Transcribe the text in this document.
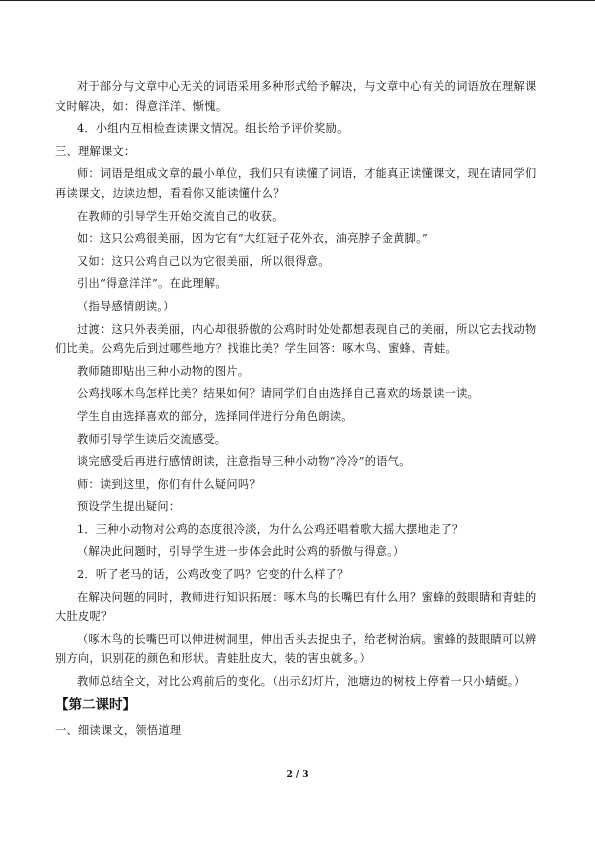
对于部分与文章中心无关的词语采用多种形式给予解决，与文章中心有关的词语放在理解课文时解决，如：得意洋洋、惭愧。
4．小组内互相检查读课文情况。组长给予评价奖励。
三、理解课文：
师：词语是组成文章的最小单位，我们只有读懂了词语，才能真正读懂课文，现在请同学们再读课文，边读边想，看看你又能读懂什么？
在教师的引导学生开始交流自己的收获。
如：这只公鸡很美丽，因为它有“大红冠子花外衣，油亮脖子金黄脚。”
又如：这只公鸡自己以为它很美丽，所以很得意。
引出“得意洋洋”。在此理解。
（指导感情朗读。）
过渡：这只外表美丽，内心却很骄傲的公鸡时时处处都想表现自己的美丽，所以它去找动物们比美。公鸡先后到过哪些地方？找谁比美？学生回答：啄木鸟、蜜蜂、青蛙。
教师随即贴出三种小动物的图片。
公鸡找啄木鸟怎样比美？结果如何？请同学们自由选择自己喜欢的场景读一读。
学生自由选择喜欢的部分，选择同伴进行分角色朗读。
教师引导学生读后交流感受。
谈完感受后再进行感情朗读，注意指导三种小动物“冷冷”的语气。
师：读到这里，你们有什么疑问吗？
预设学生提出疑问：
1．三种小动物对公鸡的态度很冷淡，为什么公鸡还唱着歌大摇大摆地走了？
（解决此问题时，引导学生进一步体会此时公鸡的骄傲与得意。）
2．听了老马的话，公鸡改变了吗？它变的什么样了？
在解决问题的同时，教师进行知识拓展：啄木鸟的长嘴巴有什么用？蜜蜂的鼓眼睛和青蛙的大肚皮呢？
（啄木鸟的长嘴巴可以伸进树洞里，伸出舌头去捉虫子，给老树治病。蜜蜂的鼓眼睛可以辨别方向，识别花的颜色和形状。青蛙肚皮大，装的害虫就多。）
教师总结全文，对比公鸡前后的变化。（出示幻灯片，池塘边的树枝上停着一只小蜻蜓。）
【第二课时】
一、细读课文，领悟道理
2 / 3
